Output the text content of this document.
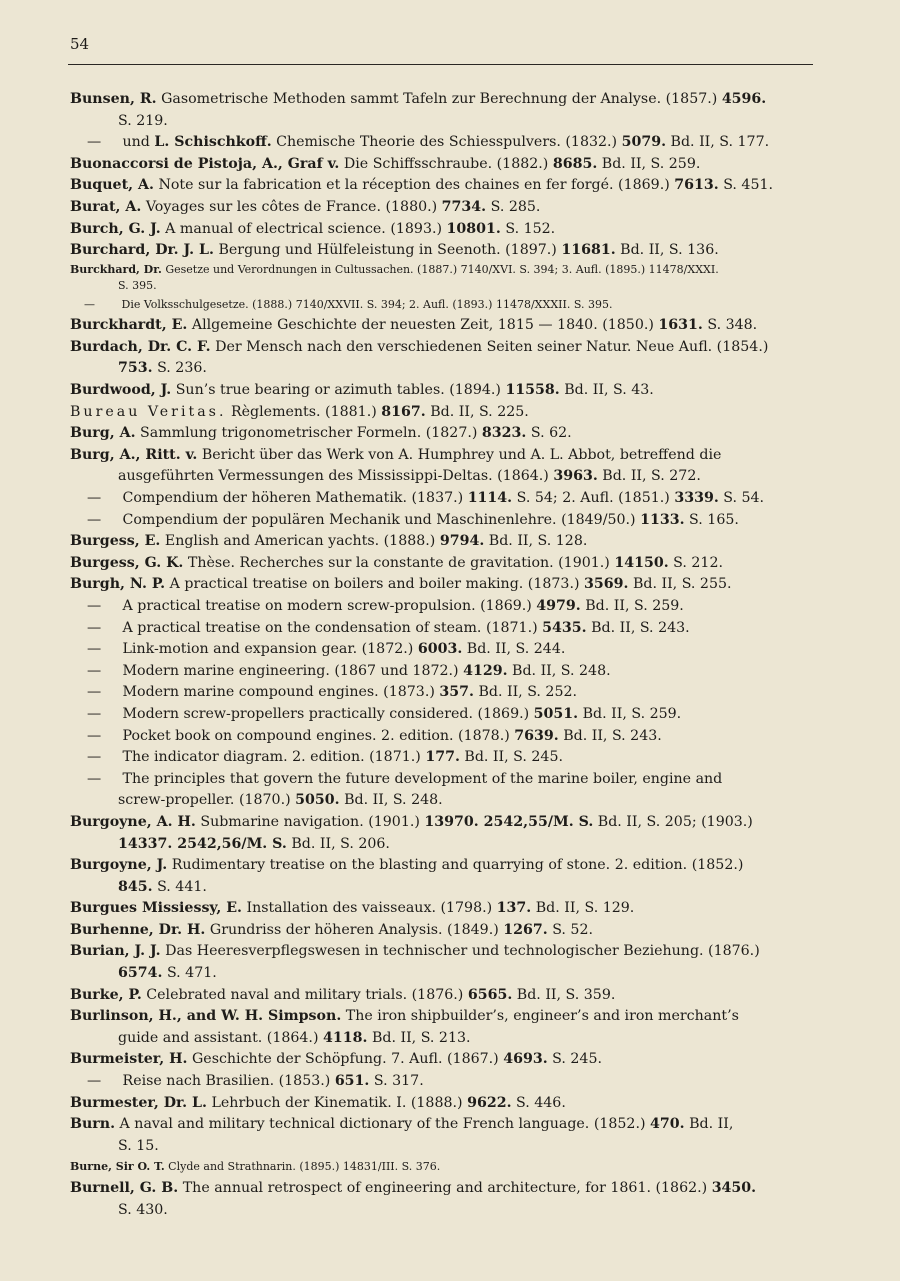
54
Bunsen, R. Gasometrische Methoden sammt Tafeln zur Berechnung der Analyse. (1857.) 4596.
S. 219.
— und L. Schischkoff. Chemische Theorie des Schiesspulvers. (1832.) 5079. Bd. II, S. 177.
Buonaccorsi de Pistoja, A., Graf v. Die Schiffsschraube. (1882.) 8685. Bd. II, S. 259.
Buquet, A. Note sur la fabrication et la réception des chaines en fer forgé. (1869.) 7613. S. 451.
Burat, A. Voyages sur les côtes de France. (1880.) 7734. S. 285.
Burch, G. J. A manual of electrical science. (1893.) 10801. S. 152.
Burchard, Dr. J. L. Bergung und Hülfeleistung in Seenoth. (1897.) 11681. Bd. II, S. 136.
Burckhard, Dr. Gesetze und Verordnungen in Cultussachen. (1887.) 7140/XVI. S. 394; 3. Aufl. (1895.) 11478/XXXI.
S. 395.
— Die Volksschulgesetze. (1888.) 7140/XXVII. S. 394; 2. Aufl. (1893.) 11478/XXXII. S. 395.
Burckhardt, E. Allgemeine Geschichte der neuesten Zeit, 1815 — 1840. (1850.) 1631. S. 348.
Burdach, Dr. C. F. Der Mensch nach den verschiedenen Seiten seiner Natur. Neue Aufl. (1854.)
753. S. 236.
Burdwood, J. Sun’s true bearing or azimuth tables. (1894.) 11558. Bd. II, S. 43.
Bureau Veritas. Règlements. (1881.) 8167. Bd. II, S. 225.
Burg, A. Sammlung trigonometrischer Formeln. (1827.) 8323. S. 62.
Burg, A., Ritt. v. Bericht über das Werk von A. Humphrey und A. L. Abbot, betreffend die
ausgeführten Vermessungen des Mississippi-Deltas. (1864.) 3963. Bd. II, S. 272.
— Compendium der höheren Mathematik. (1837.) 1114. S. 54; 2. Aufl. (1851.) 3339. S. 54.
— Compendium der populären Mechanik und Maschinenlehre. (1849/50.) 1133. S. 165.
Burgess, E. English and American yachts. (1888.) 9794. Bd. II, S. 128.
Burgess, G. K. Thèse. Recherches sur la constante de gravitation. (1901.) 14150. S. 212.
Burgh, N. P. A practical treatise on boilers and boiler making. (1873.) 3569. Bd. II, S. 255.
— A practical treatise on modern screw-propulsion. (1869.) 4979. Bd. II, S. 259.
— A practical treatise on the condensation of steam. (1871.) 5435. Bd. II, S. 243.
— Link-motion and expansion gear. (1872.) 6003. Bd. II, S. 244.
— Modern marine engineering. (1867 und 1872.) 4129. Bd. II, S. 248.
— Modern marine compound engines. (1873.) 357. Bd. II, S. 252.
— Modern screw-propellers practically considered. (1869.) 5051. Bd. II, S. 259.
— Pocket book on compound engines. 2. edition. (1878.) 7639. Bd. II, S. 243.
— The indicator diagram. 2. edition. (1871.) 177. Bd. II, S. 245.
— The principles that govern the future development of the marine boiler, engine and
screw-propeller. (1870.) 5050. Bd. II, S. 248.
Burgoyne, A. H. Submarine navigation. (1901.) 13970. 2542,55/M. S. Bd. II, S. 205; (1903.)
14337. 2542,56/M. S. Bd. II, S. 206.
Burgoyne, J. Rudimentary treatise on the blasting and quarrying of stone. 2. edition. (1852.)
845. S. 441.
Burgues Missiessy, E. Installation des vaisseaux. (1798.) 137. Bd. II, S. 129.
Burhenne, Dr. H. Grundriss der höheren Analysis. (1849.) 1267. S. 52.
Burian, J. J. Das Heeresverpflegswesen in technischer und technologischer Beziehung. (1876.)
6574. S. 471.
Burke, P. Celebrated naval and military trials. (1876.) 6565. Bd. II, S. 359.
Burlinson, H., and W. H. Simpson. The iron shipbuilder’s, engineer’s and iron merchant’s
guide and assistant. (1864.) 4118. Bd. II, S. 213.
Burmeister, H. Geschichte der Schöpfung. 7. Aufl. (1867.) 4693. S. 245.
— Reise nach Brasilien. (1853.) 651. S. 317.
Burmester, Dr. L. Lehrbuch der Kinematik. I. (1888.) 9622. S. 446.
Burn. A naval and military technical dictionary of the French language. (1852.) 470. Bd. II,
S. 15.
Burne, Sir O. T. Clyde and Strathnarin. (1895.) 14831/III. S. 376.
Burnell, G. B. The annual retrospect of engineering and architecture, for 1861. (1862.) 3450.
S. 430.
